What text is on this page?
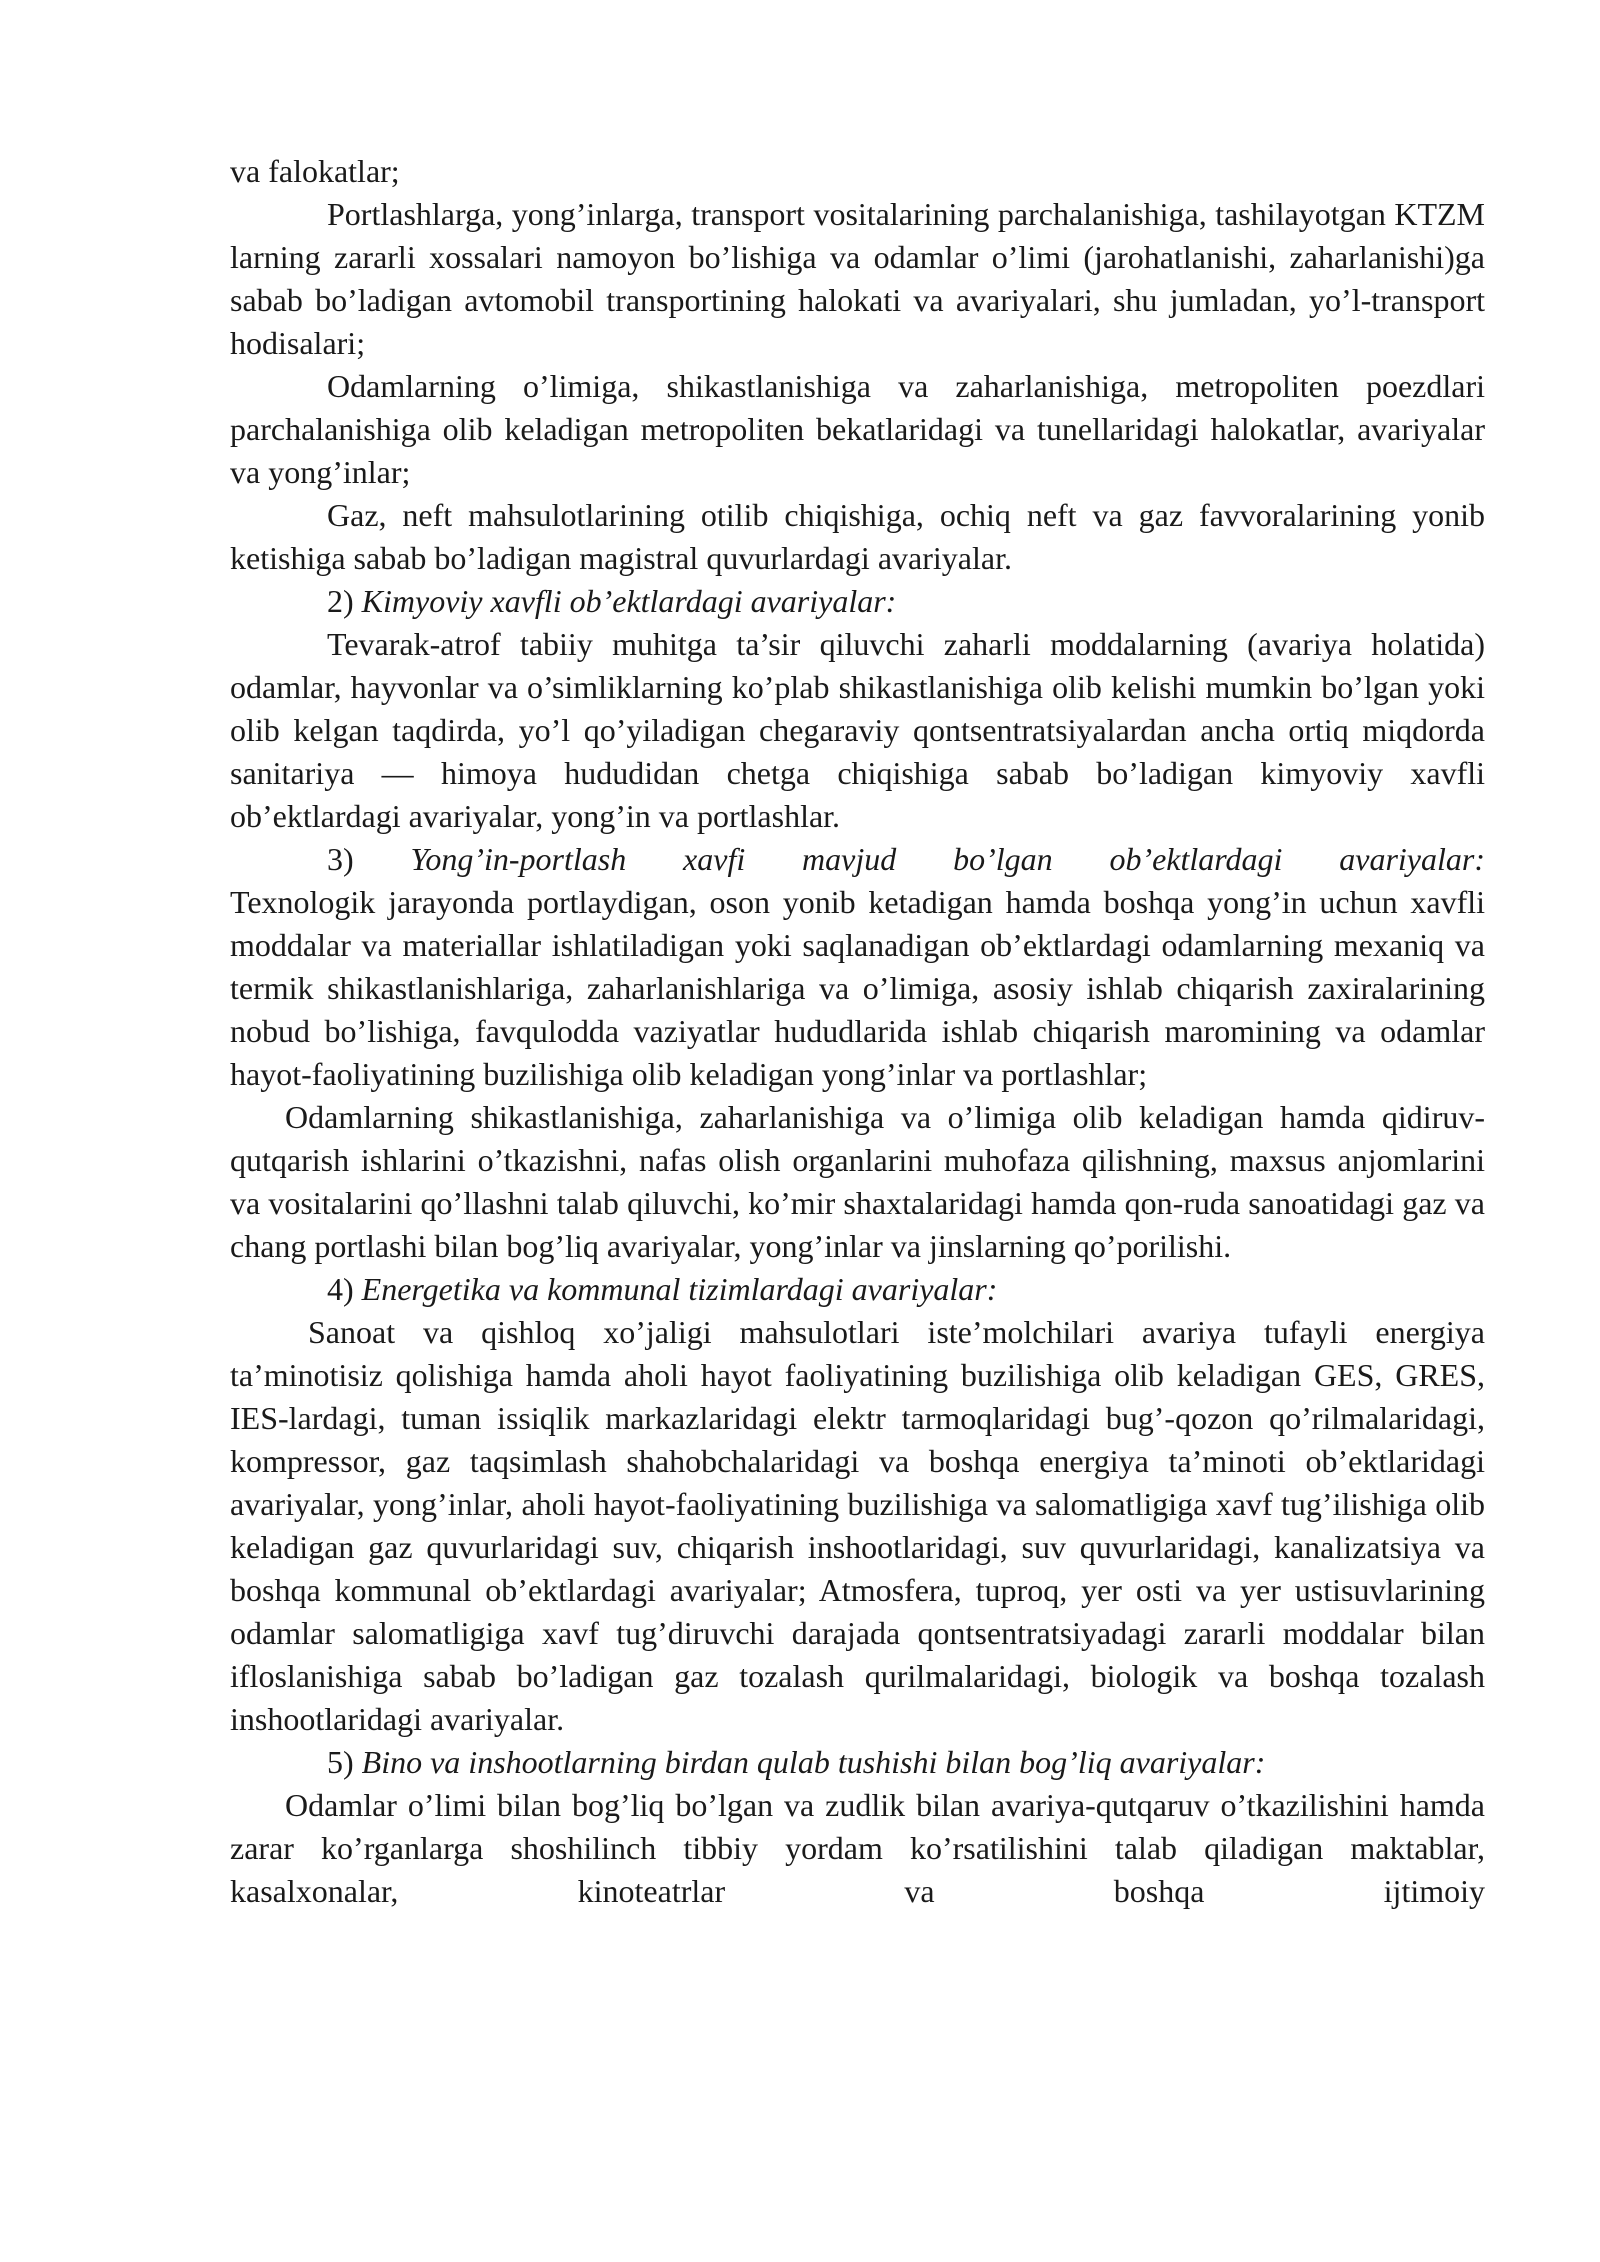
va falokatlar;

Portlashlarga, yong’inlarga, transport vositalarining parchalanishiga, tashilayotgan KTZM larning zararli xossalari namoyon bo’lishiga va odamlar o’limi (jarohatlanishi, zaharlanishi)ga sabab bo’ladigan avtomobil transportining halokati va avariyalari, shu jumladan, yo’l-transport hodisalari;

Odamlarning o’limiga, shikastlanishiga va zaharlanishiga, metropoliten poezdlari parchalanishiga olib keladigan metropoliten bekatlaridagi va tunellaridagi halokatlar, avariyalar va yong’inlar;

Gaz, neft mahsulotlarining otilib chiqishiga, ochiq neft va gaz favvoralarining yonib ketishiga sabab bo’ladigan magistral quvurlardagi avariyalar.

2) Kimyoviy xavfli ob’ektlardagi avariyalar:

Tevarak-atrof tabiiy muhitga ta’sir qiluvchi zaharli moddalarning (avariya holatida) odamlar, hayvonlar va o’simliklarning ko’plab shikastlanishiga olib kelishi mumkin bo’lgan yoki olib kelgan taqdirda, yo’l qo’yiladigan chegaraviy qontsentratsiyalardan ancha ortiq miqdorda sanitariya — himoya hududidan chetga chiqishiga sabab bo’ladigan kimyoviy xavfli ob’ektlardagi avariyalar, yong’in va portlashlar.

3) Yong’in-portlash xavfi mavjud bo’lgan ob’ektlardagi avariyalar:

Texnologik jarayonda portlaydigan, oson yonib ketadigan hamda boshqa yong’in uchun xavfli moddalar va materiallar ishlatiladigan yoki saqlanadigan ob’ektlardagi odamlarning mexaniq va termik shikastlanishlariga, zaharlanishlariga va o’limiga, asosiy ishlab chiqarish zaxiralarining nobud bo’lishiga, favqulodda vaziyatlar hududlarida ishlab chiqarish maromining va odamlar hayot-faoliyatining buzilishiga olib keladigan yong’inlar va portlashlar;

Odamlarning shikastlanishiga, zaharlanishiga va o’limiga olib keladigan hamda qidiruv-qutqarish ishlarini o’tkazishni, nafas olish organlarini muhofaza qilishning, maxsus anjomlarini va vositalarini qo’llashni talab qiluvchi, ko’mir shaxtalaridagi hamda qon-ruda sanoatidagi gaz va chang portlashi bilan bog’liq avariyalar, yong’inlar va jinslarning qo’porilishi.

4) Energetika va kommunal tizimlardagi avariyalar:

Sanoat va qishloq xo’jaligi mahsulotlari iste’molchilari avariya tufayli energiya ta’minotisiz qolishiga hamda aholi hayot faoliyatining buzilishiga olib keladigan GES, GRES, IES-lardagi, tuman issiqlik markazlaridagi elektr tarmoqlaridagi bug’-qozon qo’rilmalaridagi, kompressor, gaz taqsimlash shahobchalaridagi va boshqa energiya ta’minoti ob’ektlaridagi avariyalar, yong’inlar, aholi hayot-faoliyatining buzilishiga va salomatligiga xavf tug’ilishiga olib keladigan gaz quvurlaridagi suv, chiqarish inshootlaridagi, suv quvurlaridagi, kanalizatsiya va boshqa kommunal ob’ektlardagi avariyalar; Atmosfera, tuproq, yer osti va yer ustisuvlarining odamlar salomatligiga xavf tug’diruvchi darajada qontsentratsiyadagi zararli moddalar bilan ifloslanishiga sabab bo’ladigan gaz tozalash qurilmalaridagi, biologik va boshqa tozalash inshootlaridagi avariyalar.

5) Bino va inshootlarning birdan qulab tushishi bilan bog’liq avariyalar:

Odamlar o’limi bilan bog’liq bo’lgan va zudlik bilan avariya-qutqaruv o’tkazilishini hamda zarar ko’rganlarga shoshilinch tibbiy yordam ko’rsatilishini talab qiladigan maktablar, kasalxonalar, kinoteatrlar va boshqa ijtimoiy
